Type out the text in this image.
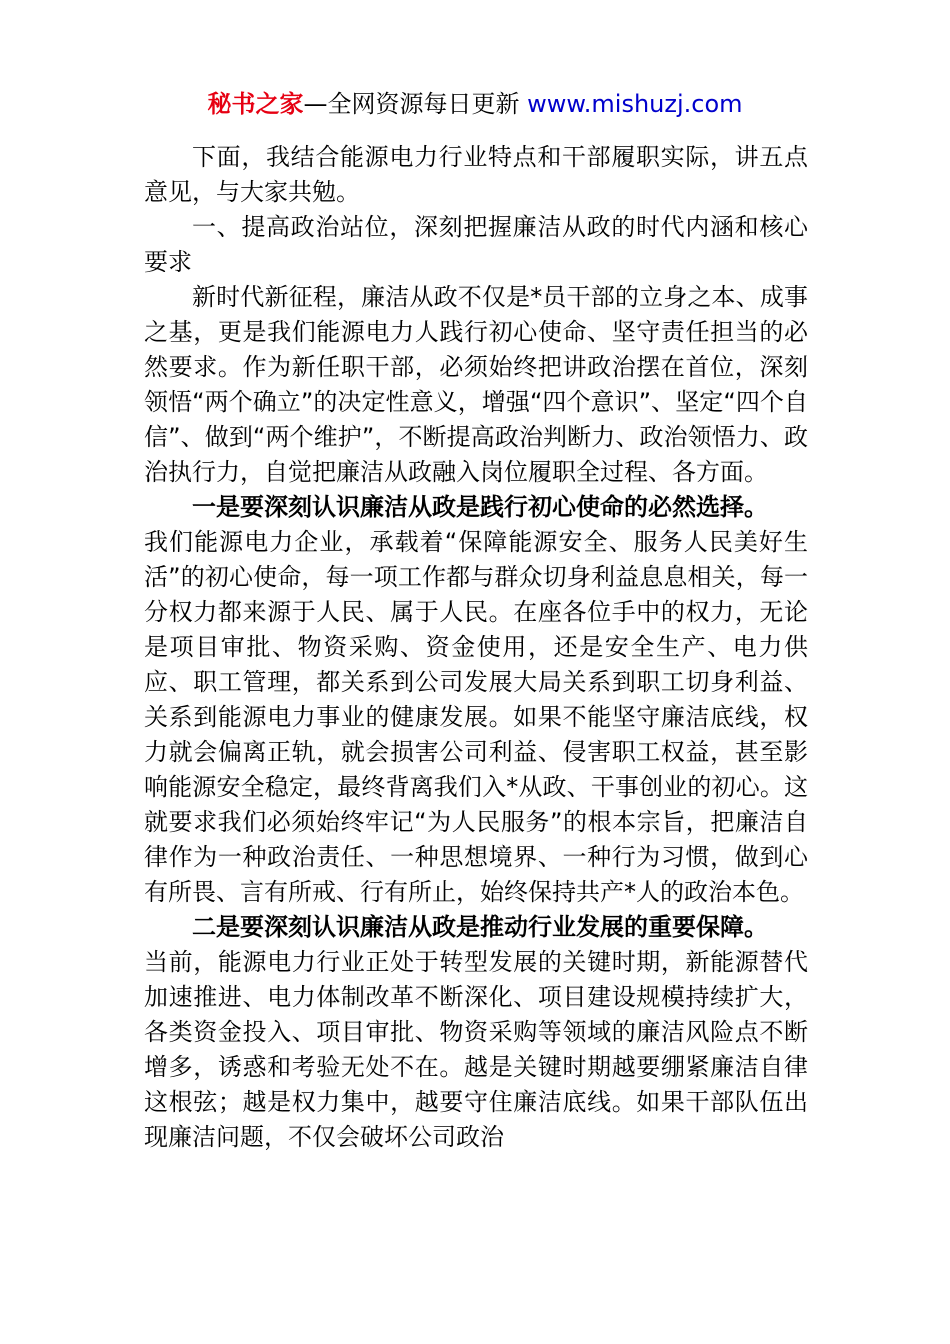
秘书之家—全网资源每日更新 www.mishuzj.com

下面，我结合能源电力行业特点和干部履职实际，讲五点意见，与大家共勉。

一、提高政治站位，深刻把握廉洁从政的时代内涵和核心要求

新时代新征程，廉洁从政不仅是*员干部的立身之本、成事之基，更是我们能源电力人践行初心使命、坚守责任担当的必然要求。作为新任职干部，必须始终把讲政治摆在首位，深刻领悟“两个确立”的决定性意义，增强“四个意识”、坚定“四个自信”、做到“两个维护”，不断提高政治判断力、政治领悟力、政治执行力，自觉把廉洁从政融入岗位履职全过程、各方面。

一是要深刻认识廉洁从政是践行初心使命的必然选择。

我们能源电力企业，承载着“保障能源安全、服务人民美好生活”的初心使命，每一项工作都与群众切身利益息息相关，每一分权力都来源于人民、属于人民。在座各位手中的权力，无论是项目审批、物资采购、资金使用，还是安全生产、电力供应、职工管理，都关系到公司发展大局关系到职工切身利益、关系到能源电力事业的健康发展。如果不能坚守廉洁底线，权力就会偏离正轨，就会损害公司利益、侵害职工权益，甚至影响能源安全稳定，最终背离我们入*从政、干事创业的初心。这就要求我们必须始终牢记“为人民服务”的根本宗旨，把廉洁自律作为一种政治责任、一种思想境界、一种行为习惯，做到心有所畏、言有所戒、行有所止，始终保持共产*人的政治本色。

二是要深刻认识廉洁从政是推动行业发展的重要保障。

当前，能源电力行业正处于转型发展的关键时期，新能源替代加速推进、电力体制改革不断深化、项目建设规模持续扩大，各类资金投入、项目审批、物资采购等领域的廉洁风险点不断增多，诱惑和考验无处不在。越是关键时期越要绷紧廉洁自律这根弦；越是权力集中，越要守住廉洁底线。如果干部队伍出现廉洁问题，不仅会破坏公司政治
